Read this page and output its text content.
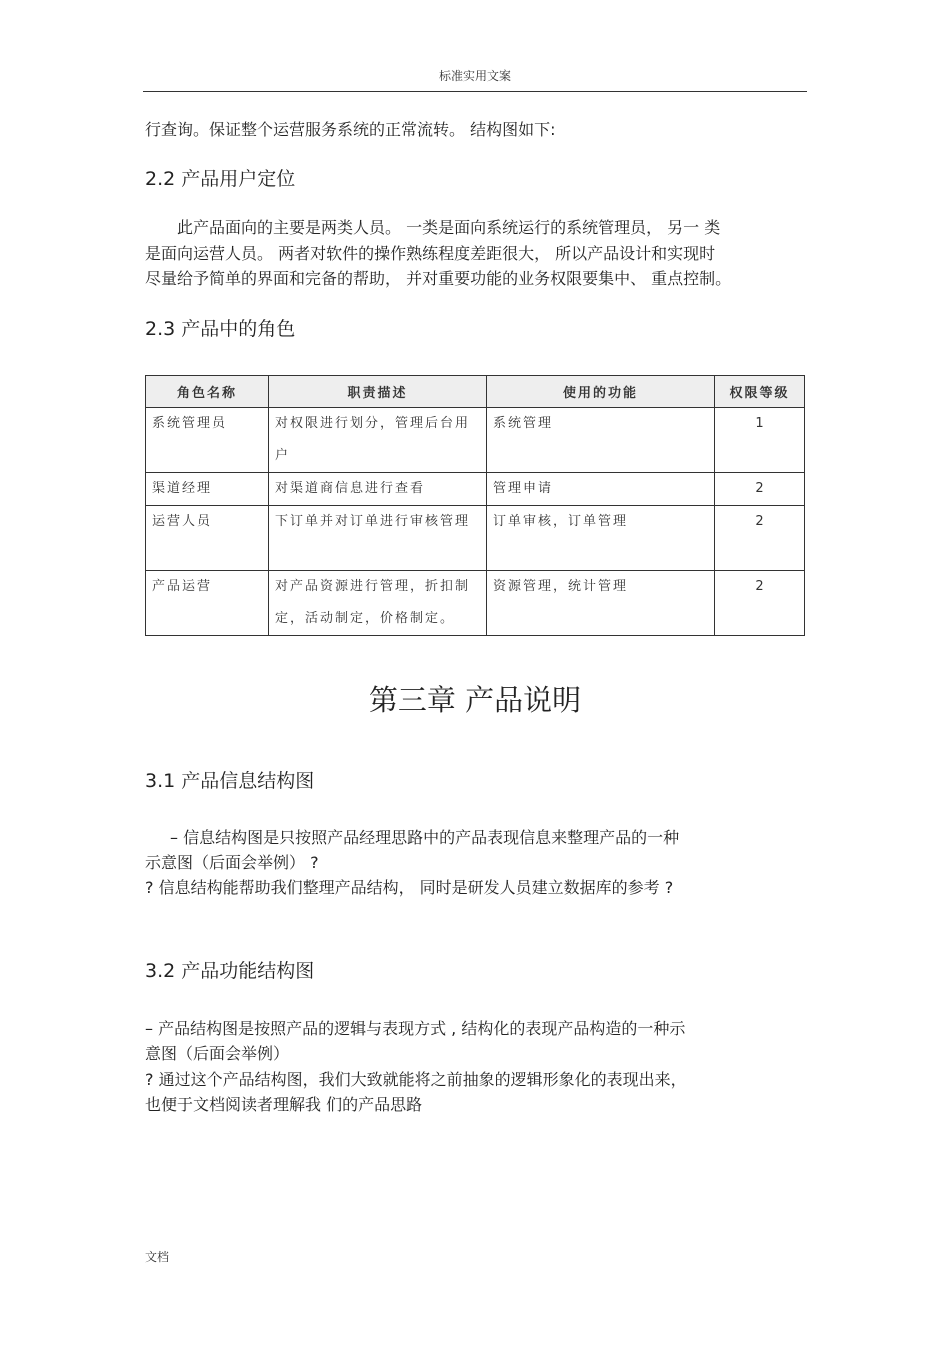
标准实用文案
行查询。保证整个运营服务系统的正常流转。 结构图如下:
2.2 产品用户定位
此产品面向的主要是两类人员。 一类是面向系统运行的系统管理员， 另一 类
是面向运营人员。 两者对软件的操作熟练程度差距很大， 所以产品设计和实现时
尽量给予简单的界面和完备的帮助， 并对重要功能的业务权限要集中、 重点控制。
2.3 产品中的角色
角色名称	职责描述	使用的功能	权限等级
系统管理员	对权限进行划分，管理后台用户	系统管理	1
渠道经理	对渠道商信息进行查看	管理申请	2
运营人员	下订单并对订单进行审核管理	订单审核，订单管理	2
产品运营	对产品资源进行管理，折扣制定，活动制定，价格制定。	资源管理，统计管理	2
第三章 产品说明
3.1 产品信息结构图
– 信息结构图是只按照产品经理思路中的产品表现信息来整理产品的一种
示意图（后面会举例） ?
? 信息结构能帮助我们整理产品结构， 同时是研发人员建立数据库的参考 ?
3.2 产品功能结构图
– 产品结构图是按照产品的逻辑与表现方式 , 结构化的表现产品构造的一种示
意图（后面会举例）
? 通过这个产品结构图，我们大致就能将之前抽象的逻辑形象化的表现出来，
也便于文档阅读者理解我 们的产品思路
文档
